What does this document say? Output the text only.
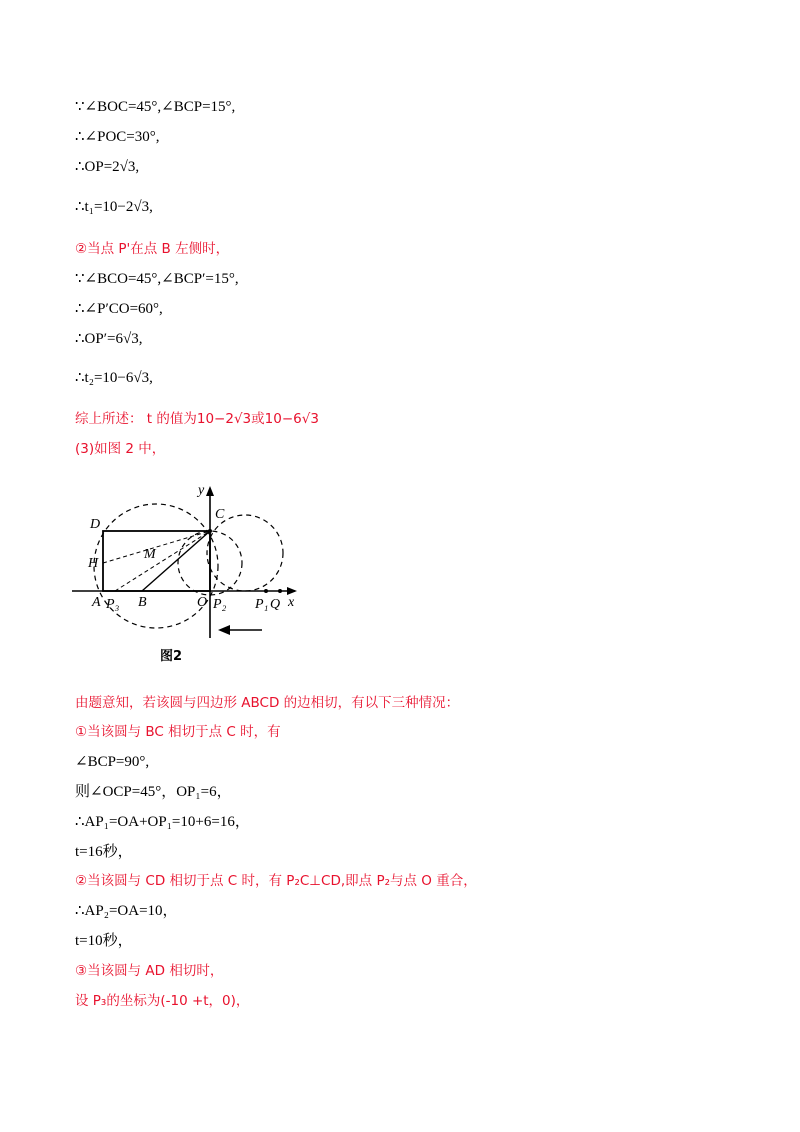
∵∠BOC=45°,∠BCP=15°,
∴∠POC=30°,
∴OP=2√3,
∴t₁=10−2√3,
②当点 P'在点 B 左侧时，
∵∠BCO=45°,∠BCP′=15°,
∴∠P′CO=60°,
∴OP′=6√3,
∴t₂=10−6√3,
综上所述： t 的值为10−2√3或10−6√3
(3)如图 2 中，
y
x
C
D
M
H
A P₃ B	O P₂ P₁ Q
图2
由题意知，若该圆与四边形 ABCD 的边相切，有以下三种情况：
①当该圆与 BC 相切于点 C 时，有
∠BCP=90°,
则∠OCP=45°，OP₁=6，
∴AP₁=OA+OP₁=10+6=16，
t=16秒，
②当该圆与 CD 相切于点 C 时，有 P₂C⊥CD,即点 P₂与点 O 重合，
∴AP₂=OA=10，
t=10秒，
③当该圆与 AD 相切时，
设 P₃的坐标为(-10 +t，0)，
